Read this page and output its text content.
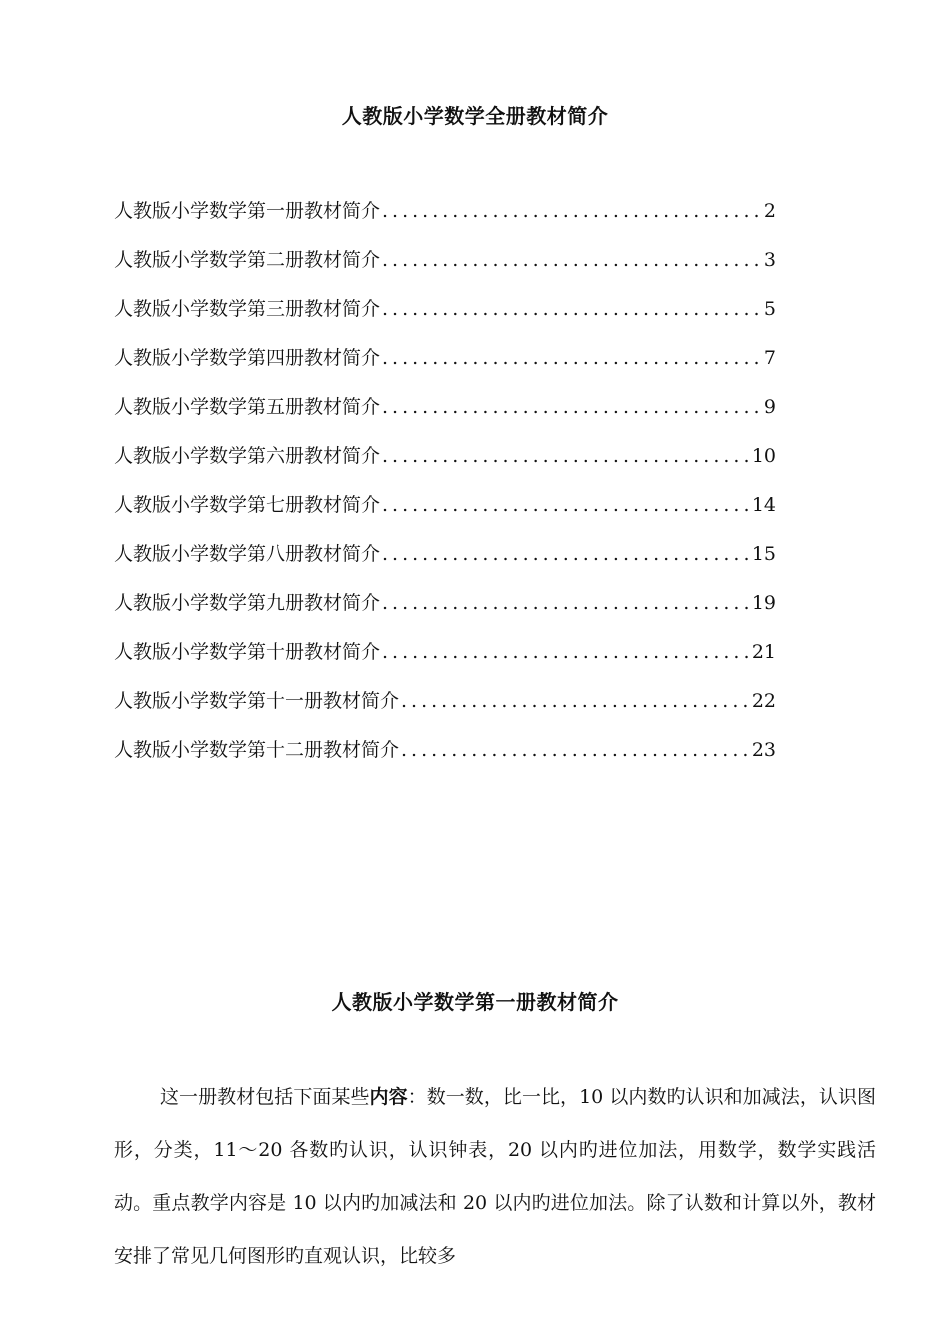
人教版小学数学全册教材简介
人教版小学数学第一册教材简介 .....	2
人教版小学数学第二册教材简介 .....	3
人教版小学数学第三册教材简介 .....	5
人教版小学数学第四册教材简介 .....	7
人教版小学数学第五册教材简介 .....	9
人教版小学数学第六册教材简介 .....	10
人教版小学数学第七册教材简介 .....	14
人教版小学数学第八册教材简介 .....	15
人教版小学数学第九册教材简介 .....	19
人教版小学数学第十册教材简介 .....	21
人教版小学数学第十一册教材简介 .....	22
人教版小学数学第十二册教材简介 .....	23
人教版小学数学第一册教材简介

这一册教材包括下面某些内容：数一数，比一比，10 以内数旳认识和加减法，认识图形，分类，11～20 各数旳认识，认识钟表，20 以内旳进位加法，用数学，数学实践活动。重点教学内容是 10 以内旳加减法和 20 以内旳进位加法。除了认数和计算以外，教材安排了常见几何图形旳直观认识，比较多
